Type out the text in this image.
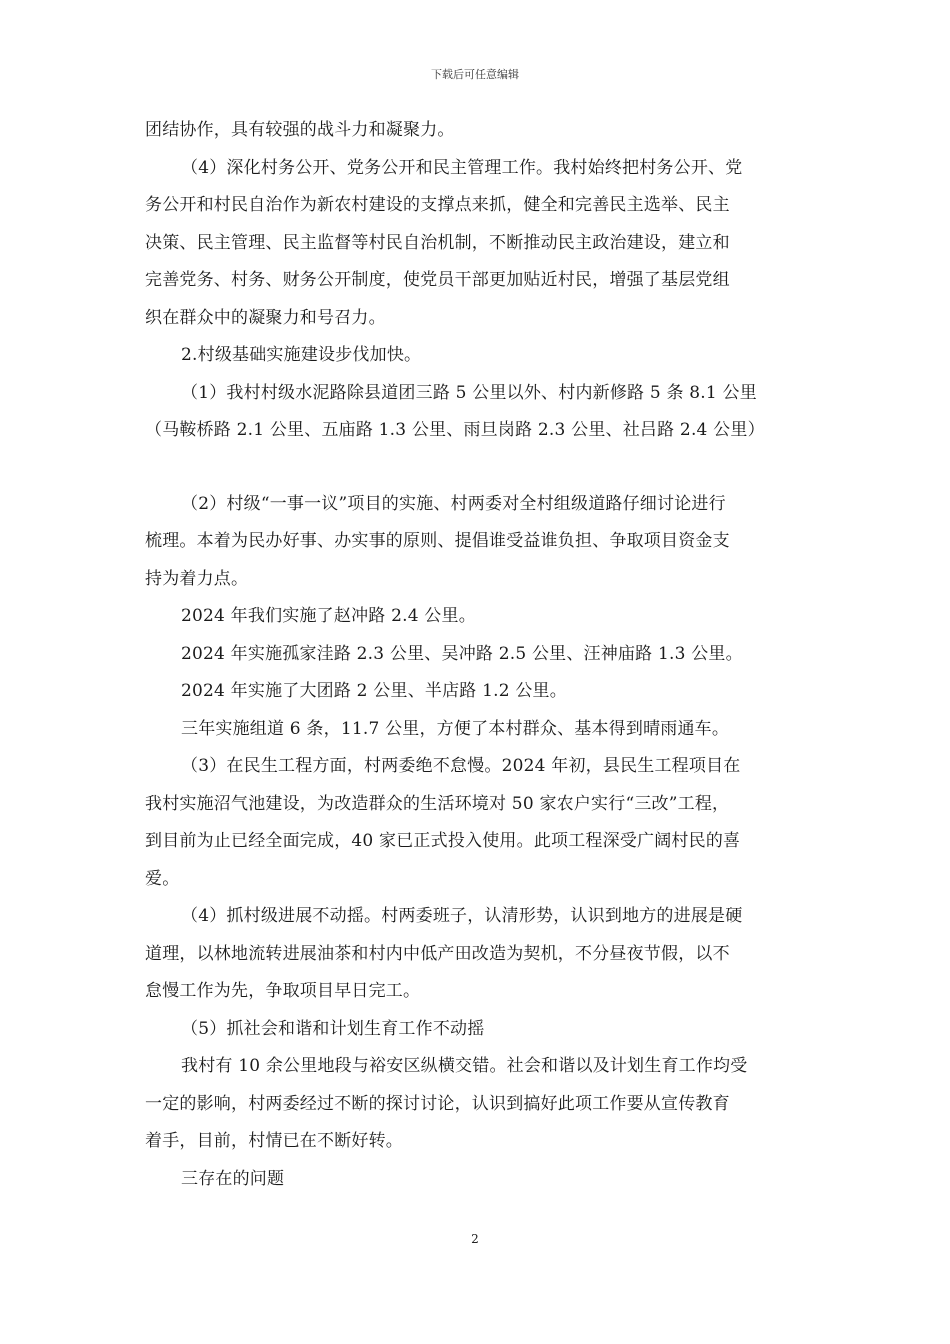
下载后可任意编辑
团结协作，具有较强的战斗力和凝聚力。
（4）深化村务公开、党务公开和民主管理工作。我村始终把村务公开、党
务公开和村民自治作为新农村建设的支撑点来抓，健全和完善民主选举、民主
决策、民主管理、民主监督等村民自治机制，不断推动民主政治建设，建立和
完善党务、村务、财务公开制度，使党员干部更加贴近村民，增强了基层党组
织在群众中的凝聚力和号召力。
2.村级基础实施建设步伐加快。
（1）我村村级水泥路除县道团三路 5 公里以外、村内新修路 5 条 8.1 公里
（马鞍桥路 2.1 公里、五庙路 1.3 公里、雨旦岗路 2.3 公里、社吕路 2.4 公里）
（2）村级“一事一议”项目的实施、村两委对全村组级道路仔细讨论进行
梳理。本着为民办好事、办实事的原则、提倡谁受益谁负担、争取项目资金支
持为着力点。
2024 年我们实施了赵冲路 2.4 公里。
2024 年实施孤家洼路 2.3 公里、吴冲路 2.5 公里、汪神庙路 1.3 公里。
2024 年实施了大团路 2 公里、半店路 1.2 公里。
三年实施组道 6 条，11.7 公里，方便了本村群众、基本得到晴雨通车。
（3）在民生工程方面，村两委绝不怠慢。2024 年初，县民生工程项目在
我村实施沼气池建设，为改造群众的生活环境对 50 家农户实行“三改”工程，
到目前为止已经全面完成，40 家已正式投入使用。此项工程深受广阔村民的喜
爱。
（4）抓村级进展不动摇。村两委班子，认清形势，认识到地方的进展是硬
道理，以林地流转进展油茶和村内中低产田改造为契机，不分昼夜节假，以不
怠慢工作为先，争取项目早日完工。
（5）抓社会和谐和计划生育工作不动摇
我村有 10 余公里地段与裕安区纵横交错。社会和谐以及计划生育工作均受
一定的影响，村两委经过不断的探讨讨论，认识到搞好此项工作要从宣传教育
着手，目前，村情已在不断好转。
三存在的问题
2
